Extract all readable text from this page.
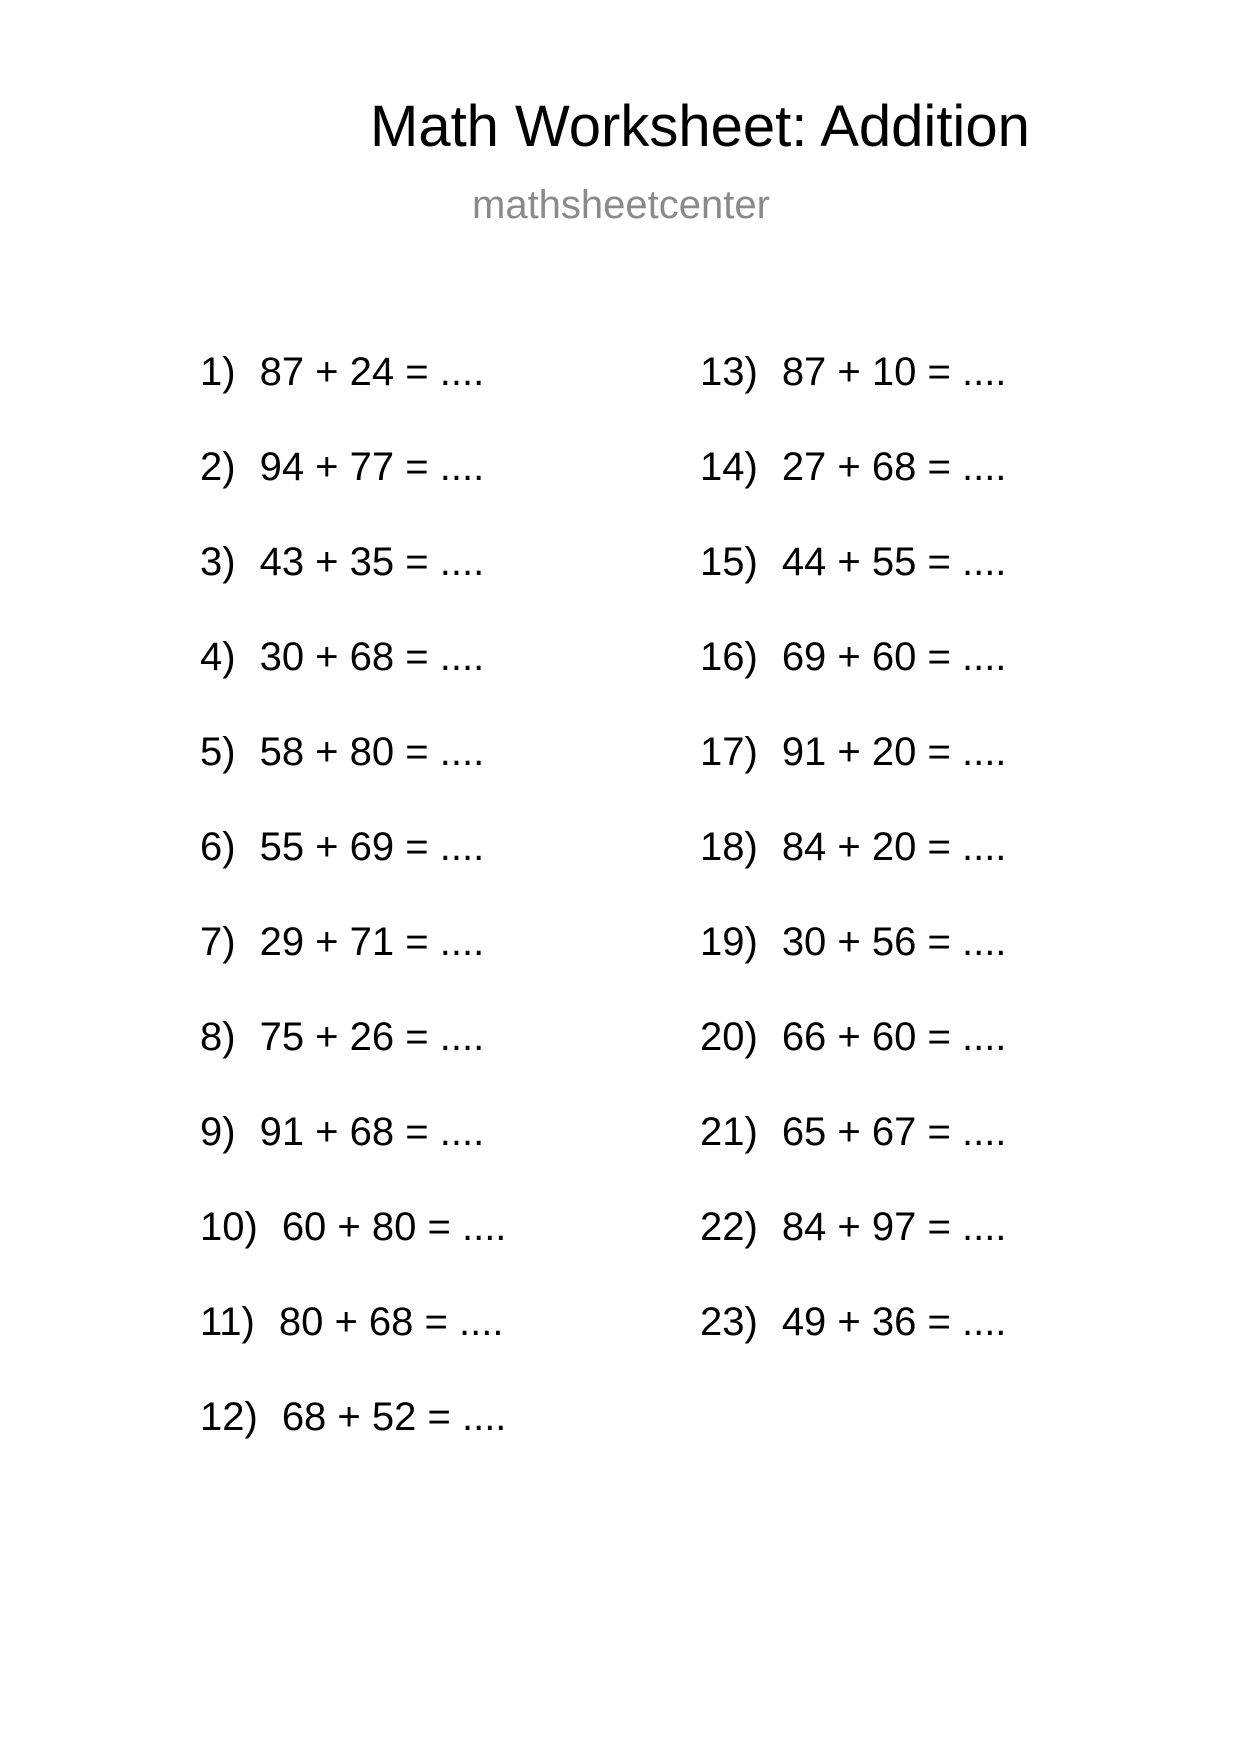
Math Worksheet: Addition
mathsheetcenter
1) 87 + 24 = ....
2) 94 + 77 = ....
3) 43 + 35 = ....
4) 30 + 68 = ....
5) 58 + 80 = ....
6) 55 + 69 = ....
7) 29 + 71 = ....
8) 75 + 26 = ....
9) 91 + 68 = ....
10) 60 + 80 = ....
11) 80 + 68 = ....
12) 68 + 52 = ....
13) 87 + 10 = ....
14) 27 + 68 = ....
15) 44 + 55 = ....
16) 69 + 60 = ....
17) 91 + 20 = ....
18) 84 + 20 = ....
19) 30 + 56 = ....
20) 66 + 60 = ....
21) 65 + 67 = ....
22) 84 + 97 = ....
23) 49 + 36 = ....
